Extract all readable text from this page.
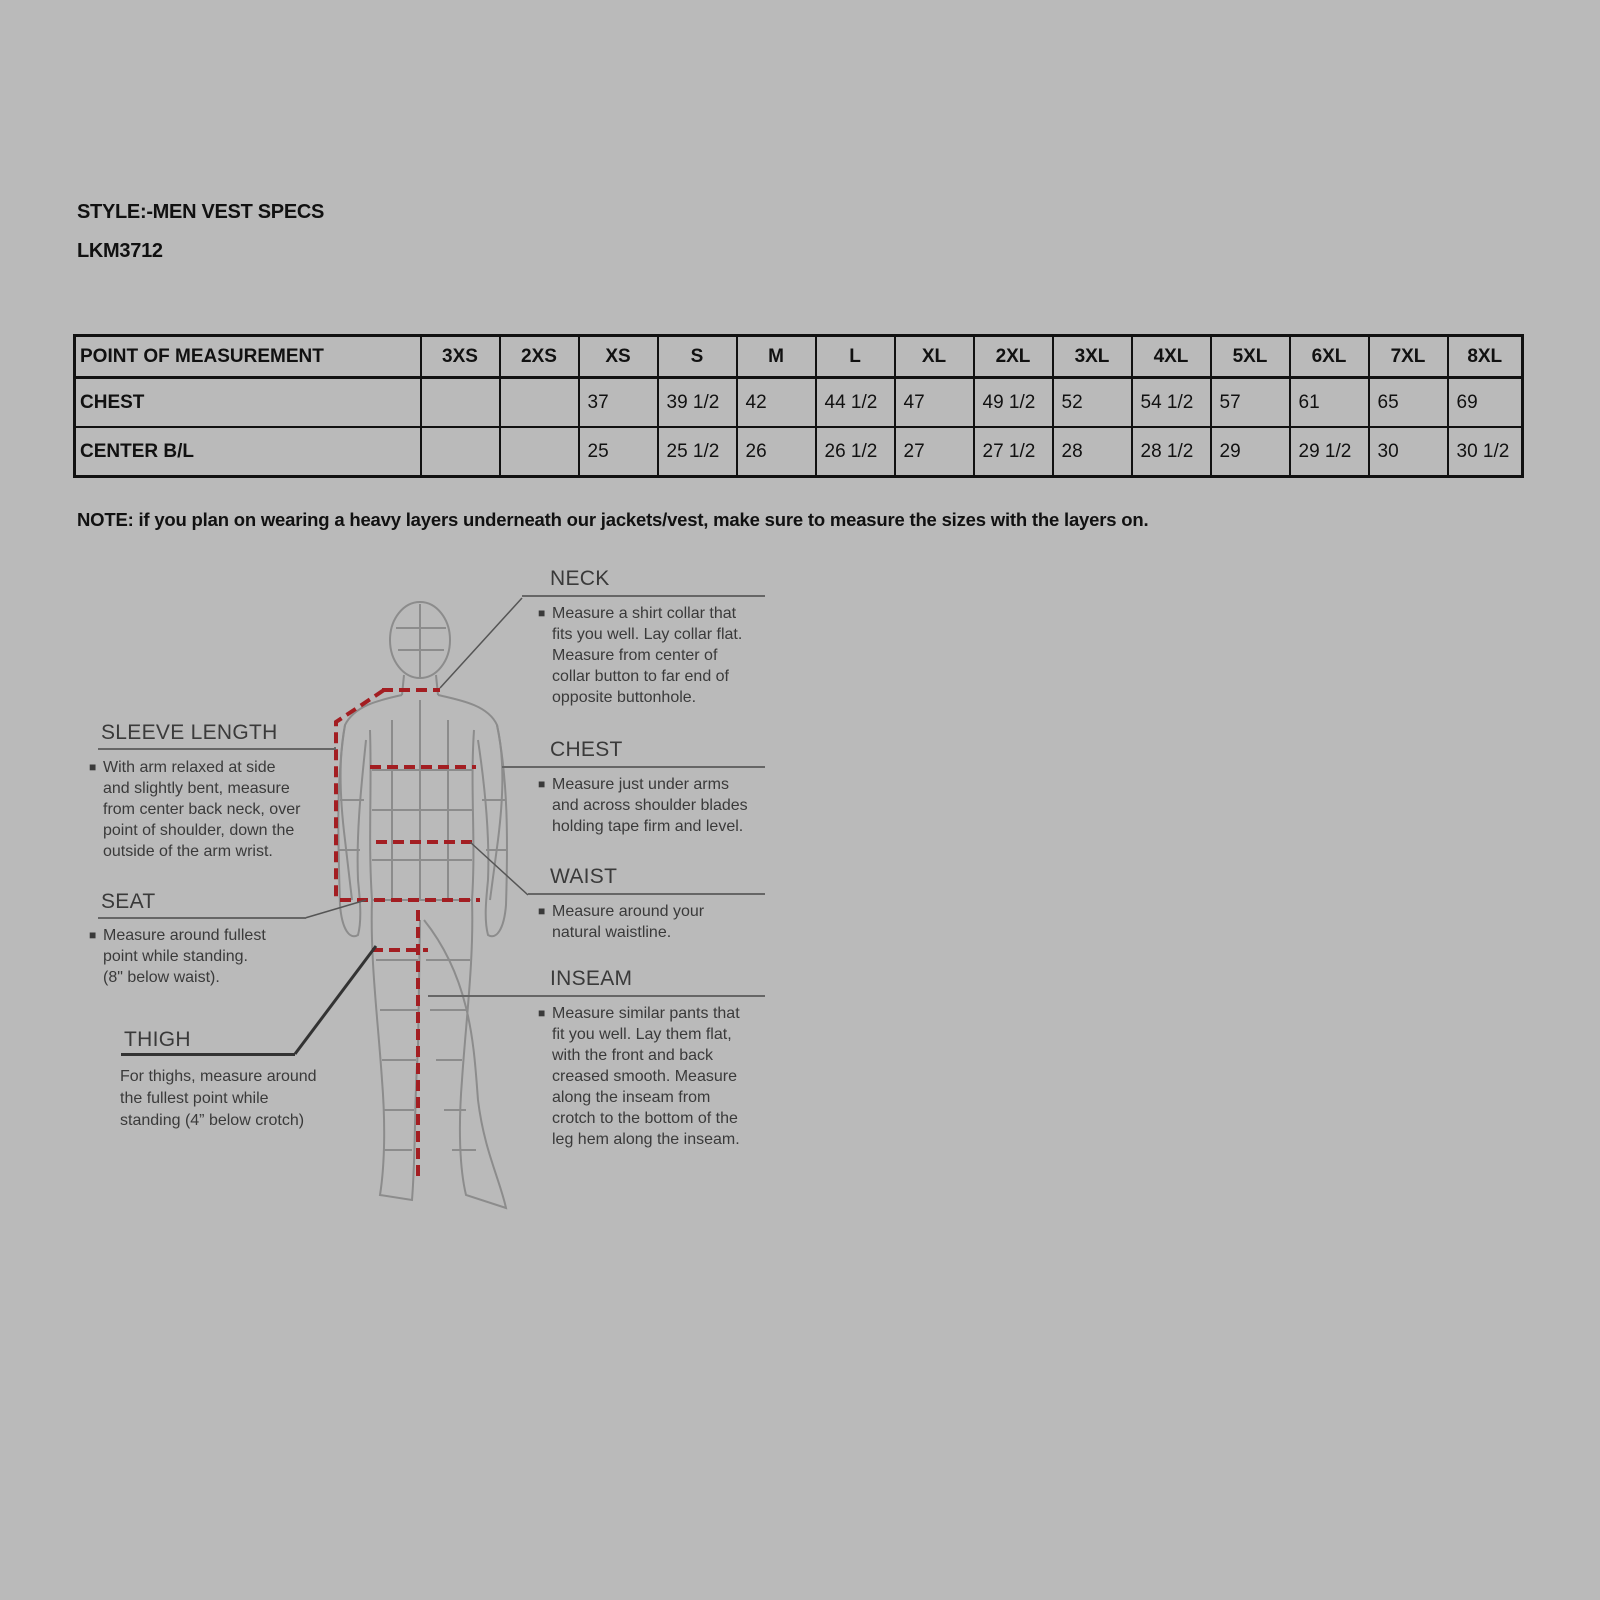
STYLE:-MEN VEST SPECS
LKM3712
POINT OF MEASUREMENT	3XS	2XS	XS	S	M	L	XL	2XL	3XL	4XL	5XL	6XL	7XL	8XL
CHEST			37	39 1/2	42	44 1/2	47	49 1/2	52	54 1/2	57	61	65	69
CENTER B/L			25	25 1/2	26	26 1/2	27	27 1/2	28	28 1/2	29	29 1/2	30	30 1/2
NOTE: if you plan on wearing a heavy layers underneath our jackets/vest, make sure to measure the sizes with the layers on.
NECK
■ Measure a shirt collar that
fits you well. Lay collar flat.
Measure from center of
collar button to far end of
opposite buttonhole.
CHEST
■ Measure just under arms
and across shoulder blades
holding tape firm and level.
WAIST
■ Measure around your
natural waistline.
INSEAM
■ Measure similar pants that
fit you well. Lay them flat,
with the front and back
creased smooth. Measure
along the inseam from
crotch to the bottom of the
leg hem along the inseam.
SLEEVE LENGTH
■ With arm relaxed at side
and slightly bent, measure
from center back neck, over
point of shoulder, down the
outside of the arm wrist.
SEAT
■ Measure around fullest
point while standing.
(8" below waist).
THIGH
For thighs, measure around
the fullest point while
standing (4” below crotch)
